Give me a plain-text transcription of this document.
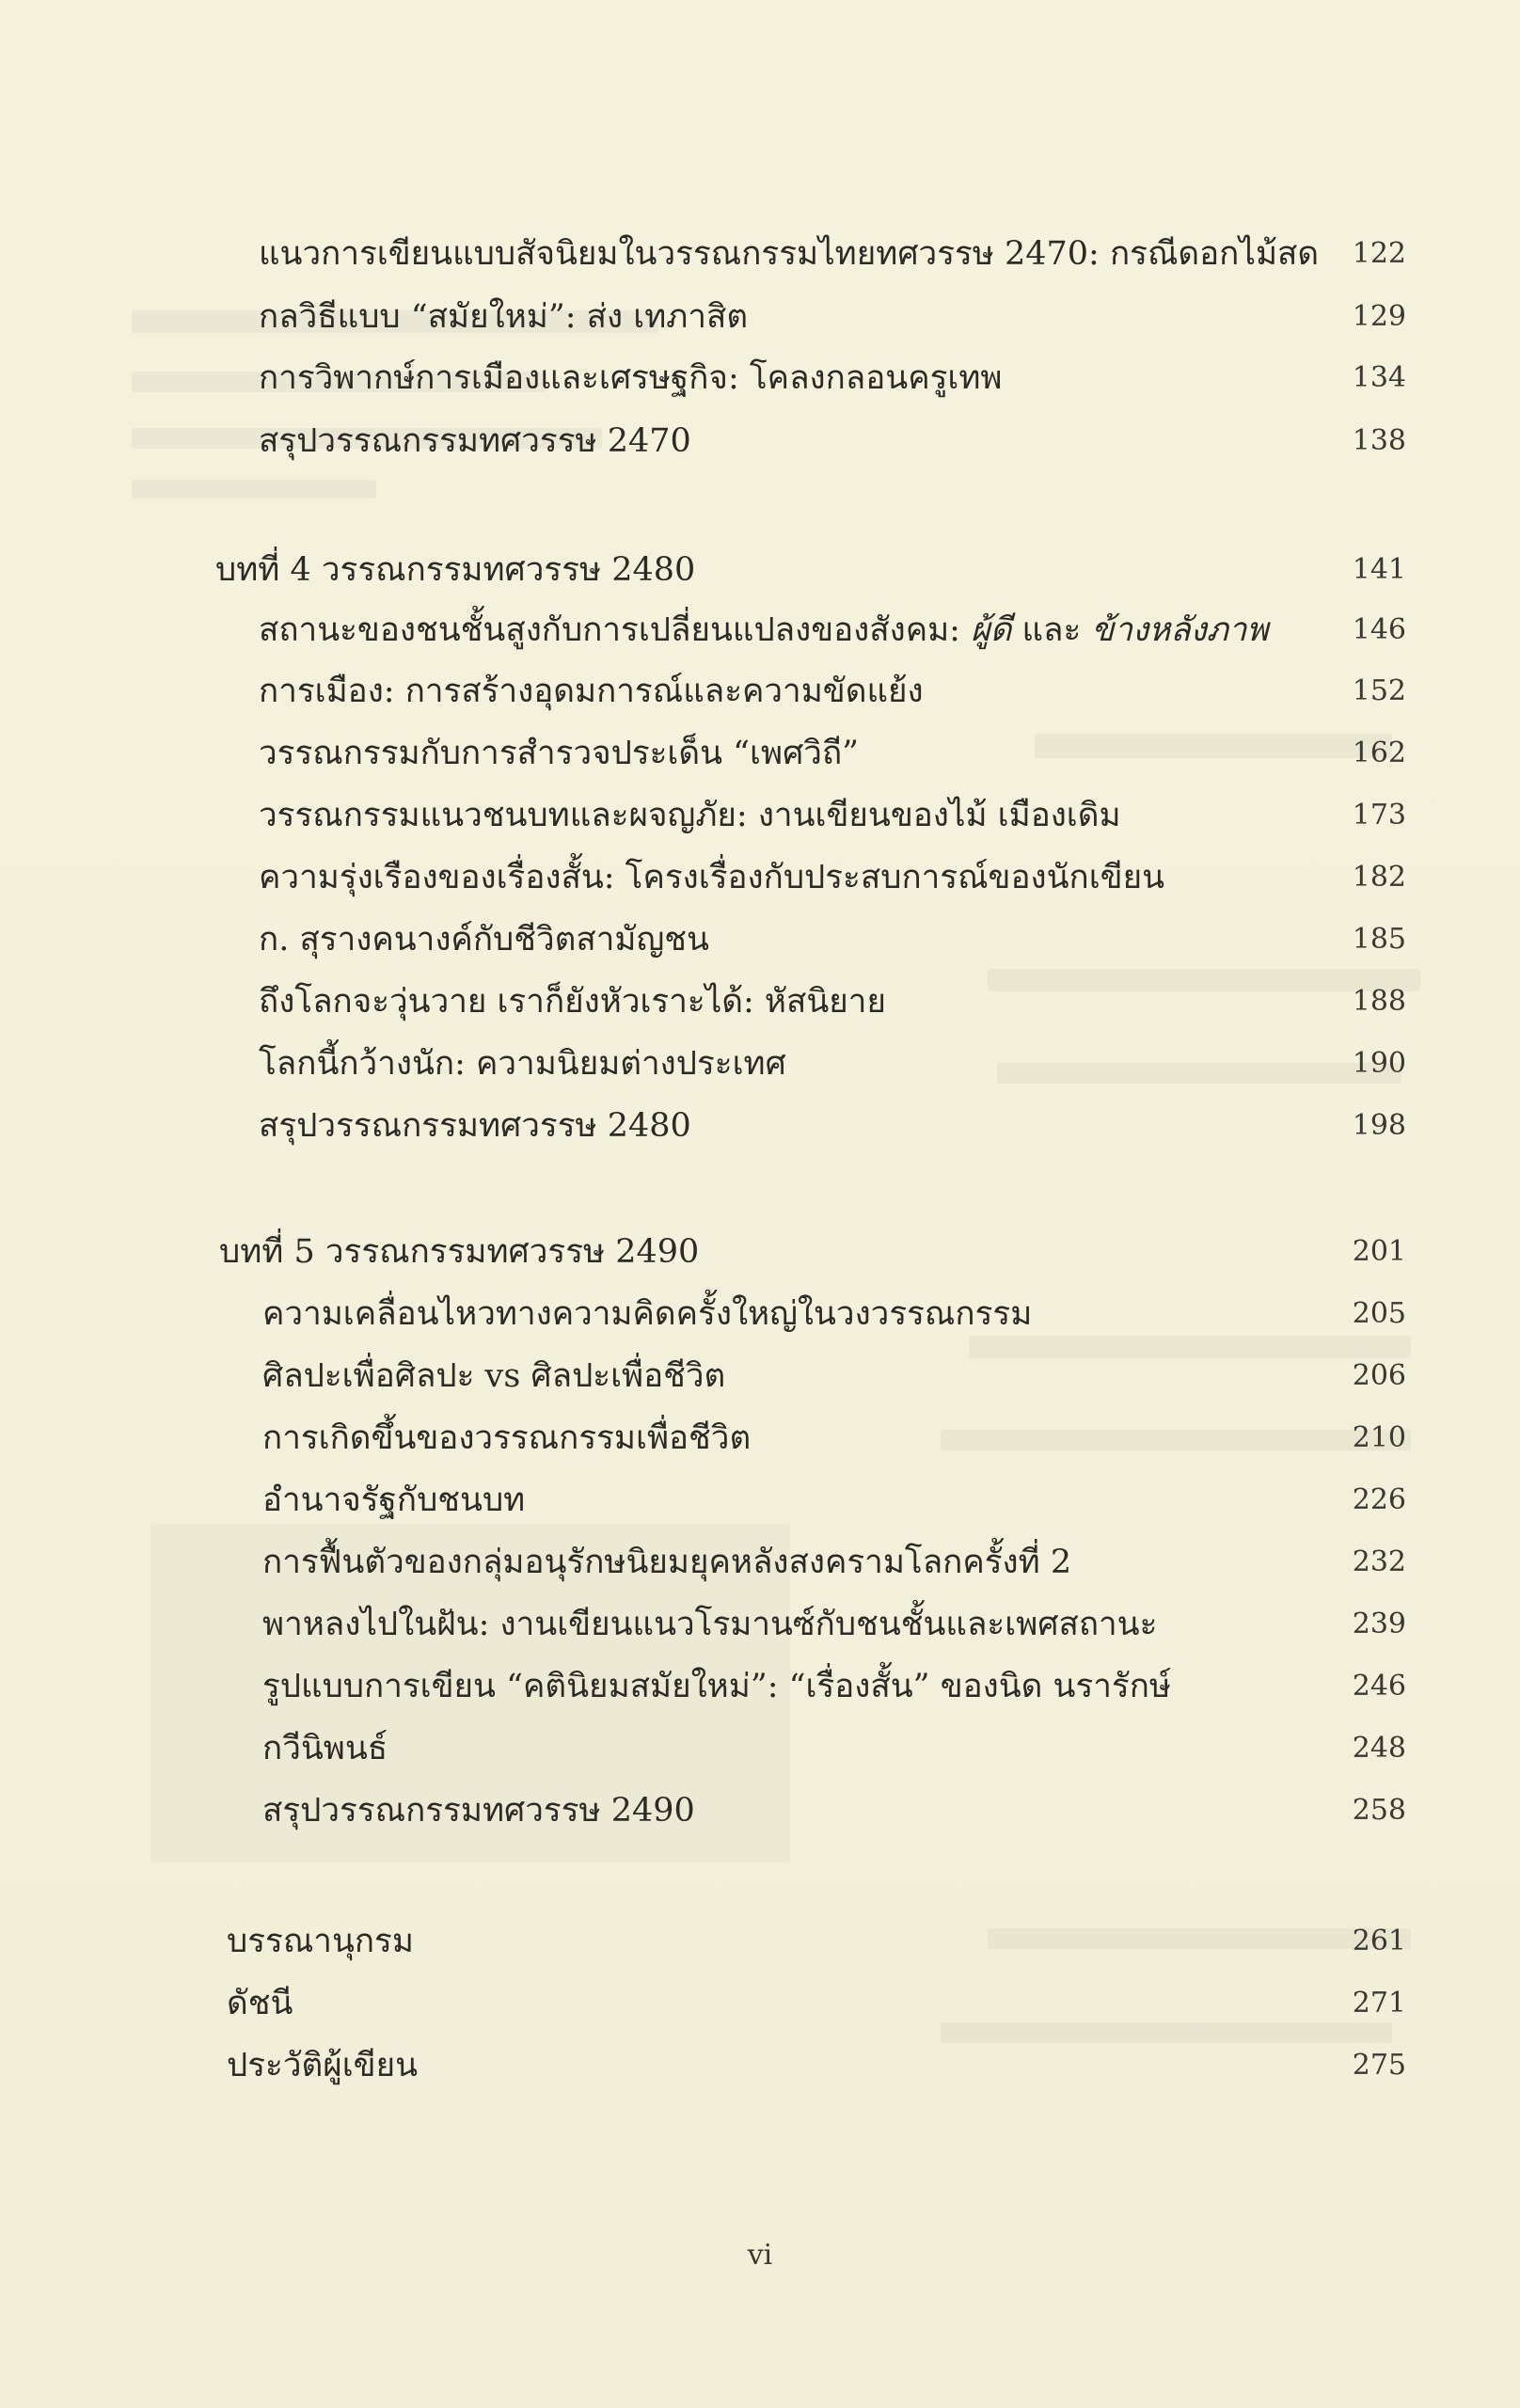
แนวการเขียนแบบสัจนิยมในวรรณกรรมไทยทศวรรษ 2470: กรณีดอกไม้สด 122
กลวิธีแบบ “สมัยใหม่”: ส่ง เทภาสิต	129
การวิพากษ์การเมืองและเศรษฐกิจ: โคลงกลอนครูเทพ	134
สรุปวรรณกรรมทศวรรษ 2470	138
บทที่ 4 วรรณกรรมทศวรรษ 2480	141
สถานะของชนชั้นสูงกับการเปลี่ยนแปลงของสังคม: ผู้ดี และ ข้างหลังภาพ	146
การเมือง: การสร้างอุดมการณ์และความขัดแย้ง	152
วรรณกรรมกับการสำรวจประเด็น “เพศวิถี”	162
วรรณกรรมแนวชนบทและผจญภัย: งานเขียนของไม้ เมืองเดิม	173
ความรุ่งเรืองของเรื่องสั้น: โครงเรื่องกับประสบการณ์ของนักเขียน	182
ก. สุรางคนางค์กับชีวิตสามัญชน	185
ถึงโลกจะวุ่นวาย เราก็ยังหัวเราะได้: หัสนิยาย	188
โลกนี้กว้างนัก: ความนิยมต่างประเทศ	190
สรุปวรรณกรรมทศวรรษ 2480	198
บทที่ 5 วรรณกรรมทศวรรษ 2490	201
ความเคลื่อนไหวทางความคิดครั้งใหญ่ในวงวรรณกรรม	205
ศิลปะเพื่อศิลปะ vs ศิลปะเพื่อชีวิต	206
การเกิดขึ้นของวรรณกรรมเพื่อชีวิต	210
อำนาจรัฐกับชนบท	226
การฟื้นตัวของกลุ่มอนุรักษนิยมยุคหลังสงครามโลกครั้งที่ 2	232
พาหลงไปในฝัน: งานเขียนแนวโรมานซ์กับชนชั้นและเพศสถานะ	239
รูปแบบการเขียน “คตินิยมสมัยใหม่”: “เรื่องสั้น” ของนิด นรารักษ์	246
กวีนิพนธ์	248
สรุปวรรณกรรมทศวรรษ 2490	258
บรรณานุกรม	261
ดัชนี	271
ประวัติผู้เขียน	275
vi
